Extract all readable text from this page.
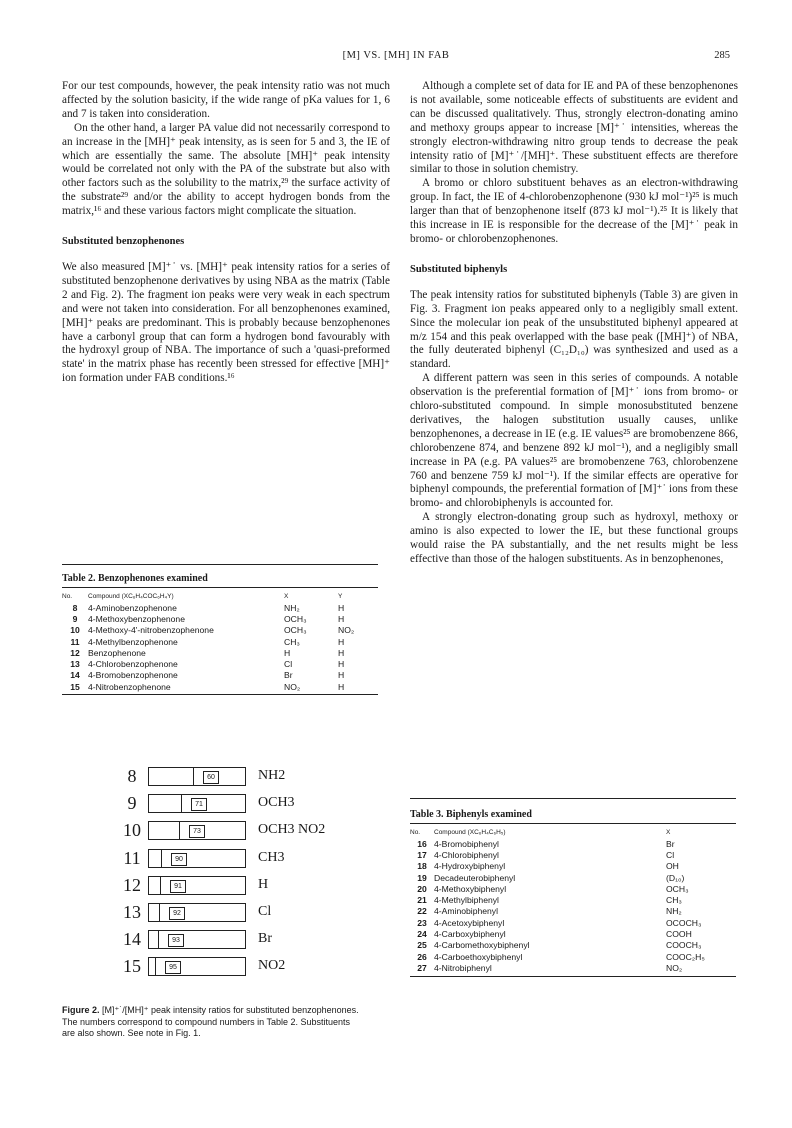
[M] VS. [MH] IN FAB	285

For our test compounds, however, the peak intensity ratio was not much affected by the solution basicity, if the wide range of pKa values for 1, 6 and 7 is taken into consideration.

On the other hand, a larger PA value did not necessarily correspond to an increase in the [MH]⁺ peak intensity, as is seen for 5 and 3, the IE of which are essentially the same. The absolute [MH]⁺ peak intensity would be correlated not only with the PA of the substrate but also with other factors such as the solubility to the matrix,²⁹ the surface activity of the substrate²⁹ and/or the ability to accept hydrogen bonds from the matrix,¹⁶ and these various factors might complicate the situation.

Substituted benzophenones

We also measured [M]⁺˙ vs. [MH]⁺ peak intensity ratios for a series of substituted benzophenone derivatives by using NBA as the matrix (Table 2 and Fig. 2). The fragment ion peaks were very weak in each spectrum and were not taken into consideration. For all benzophenones examined, [MH]⁺ peaks are predominant. This is probably because benzophenones have a carbonyl group that can form a hydrogen bond favourably with the hydroxyl group of NBA. The importance of such a 'quasi-preformed state' in the matrix phase has recently been stressed for effective [MH]⁺ ion formation under FAB conditions.¹⁶

Table 2. Benzophenones examined
No.	Compound (XC₆H₄COC₆H₄Y)	X	Y
8	4-Aminobenzophenone	NH₂	H
9	4-Methoxybenzophenone	OCH₃	H
10	4-Methoxy-4'-nitrobenzophenone	OCH₃	NO₂
11	4-Methylbenzophenone	CH₃	H
12	Benzophenone	H	H
13	4-Chlorobenzophenone	Cl	H
14	4-Bromobenzophenone	Br	H
15	4-Nitrobenzophenone	NO₂	H
8	60	NH2
9	71	OCH3
10	73	OCH3 NO2
11	90	CH3
12	91	H
13	92	Cl
14	93	Br
15	95	NO2
Figure 2. [M]⁺˙/[MH]⁺ peak intensity ratios for substituted benzophenones. The numbers correspond to compound numbers in Table 2. Substituents are also shown. See note in Fig. 1.

Although a complete set of data for IE and PA of these benzophenones is not available, some noticeable effects of substituents are evident and can be discussed qualitatively. Thus, strongly electron-donating amino and methoxy groups appear to increase [M]⁺˙ intensities, whereas the strongly electron-withdrawing nitro group tends to decrease the peak intensity ratio of [M]⁺˙/[MH]⁺. These substituent effects are therefore similar to those in solution chemistry.

A bromo or chloro substituent behaves as an electron-withdrawing group. In fact, the IE of 4-chlorobenzophenone (930 kJ mol⁻¹)²⁵ is much larger than that of benzophenone itself (873 kJ mol⁻¹).²⁵ It is likely that this increase in IE is responsible for the decrease of the [M]⁺˙ peak in bromo- or chlorobenzophenones.

Substituted biphenyls

The peak intensity ratios for substituted biphenyls (Table 3) are given in Fig. 3. Fragment ion peaks appeared only to a negligibly small extent. Since the molecular ion peak of the unsubstituted biphenyl appeared at m/z 154 and this peak overlapped with the base peak ([MH]⁺) of NBA, the fully deuterated biphenyl (C₁₂D₁₀) was synthesized and used as a standard.

A different pattern was seen in this series of compounds. A notable observation is the preferential formation of [M]⁺˙ ions from bromo- or chloro-substituted compound. In simple monosubstituted benzene derivatives, the halogen substitution usually causes, unlike benzophenones, a decrease in IE (e.g. IE values²⁵ are bromobenzene 866, chlorobenzene 874, and benzene 892 kJ mol⁻¹), and a negligibly small increase in PA (e.g. PA values²⁵ are bromobenzene 763, chlorobenzene 760 and benzene 759 kJ mol⁻¹). If the similar effects are operative for biphenyl compounds, the preferential formation of [M]⁺˙ ions from these bromo- and chlorobiphenyls is accounted for.

A strongly electron-donating group such as hydroxyl, methoxy or amino is also expected to lower the IE, but these functional groups would raise the PA substantially, and the net results might be less effective than those of the halogen substituents. As in benzophenones,

Table 3. Biphenyls examined
No.	Compound (XC₆H₄C₆H₅)	X
16	4-Bromobiphenyl	Br
17	4-Chlorobiphenyl	Cl
18	4-Hydroxybiphenyl	OH
19	Decadeuterobiphenyl	(D₁₀)
20	4-Methoxybiphenyl	OCH₃
21	4-Methylbiphenyl	CH₃
22	4-Aminobiphenyl	NH₂
23	4-Acetoxybiphenyl	OCOCH₃
24	4-Carboxybiphenyl	COOH
25	4-Carbomethoxybiphenyl	COOCH₃
26	4-Carboethoxybiphenyl	COOC₂H₅
27	4-Nitrobiphenyl	NO₂
